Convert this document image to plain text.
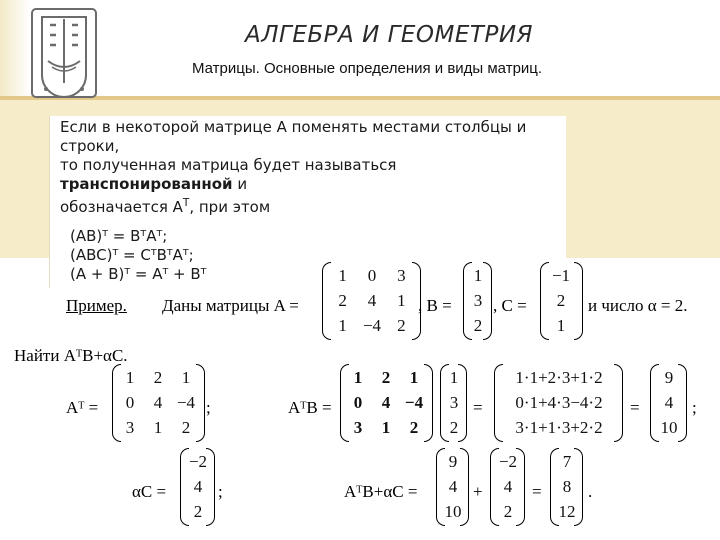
АЛГЕБРА И ГЕОМЕТРИЯ
Матрицы. Основные определения и виды матриц.

Если в некоторой матрице А поменять местами столбцы и строки,

то полученная матрица будет называться транспонированной и

обозначается $А^T$, при этом

(AB)ᵀ = BᵀAᵀ;
(ABC)ᵀ = CᵀBᵀAᵀ;
(A + B)ᵀ = Aᵀ + Bᵀ
Пример. Даны матрицы A =
1 0 3
2 4 1
1 −4 2
, B =
1
3
2
, C =
−1
2
1
и число α = 2.
Найти AᵀB+αC.
Aᵀ =
1 2 1
0 4 −4
3 1 2
;	AᵀB =
1 2 1
0 4 −4
3 1 2
1
3
2
=
1·1+2·3+1·2
0·1+4·3−4·2
3·1+1·3+2·2
=
9
4
10
;
αC =
−2
4
2
;	AᵀB+αC =
9
4
10
+
−2
4
2
=
7
8
12
.
